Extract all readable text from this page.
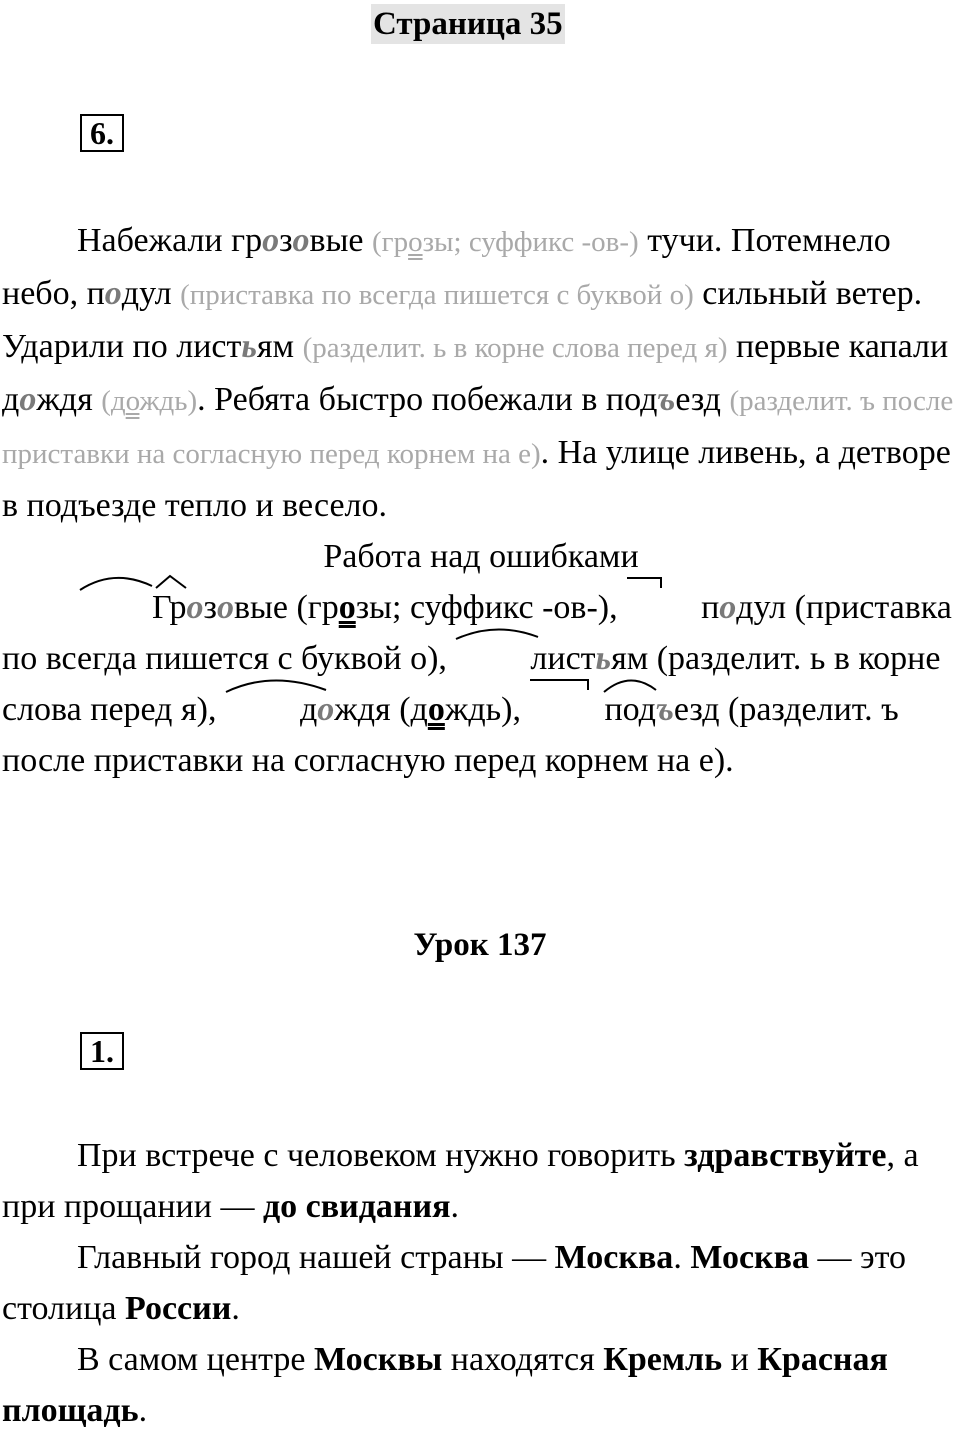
Страница 35
6.

Набежали грозовые (грозы; суффикс -ов-) тучи. Потемнело небо, подул (приставка по всегда пишется с буквой о) сильный ветер. Ударили по листьям (разделит. ь в корне слова перед я) первые капали дождя (дождь). Ребята быстро побежали в подъезд (разделит. ъ после приставки на согласную перед корнем на е). На улице ливень, а детворе в подъезде тепло и весело.

Работа над ошибками

Грозовые (грозы; суффикс -ов-),
подул (приставка по всегда пишется с буквой о),
листьям (разделит. ь в корне слова перед я),
дождя (дождь),
подъезд (разделит. ъ после приставки на согласную перед корнем на е).

Урок 137
1.

При встрече с человеком нужно говорить здравствуйте, а при прощании — до свидания.

Главный город нашей страны — Москва. Москва — это столица России.

В самом центре Москвы находятся Кремль и Красная площадь.
